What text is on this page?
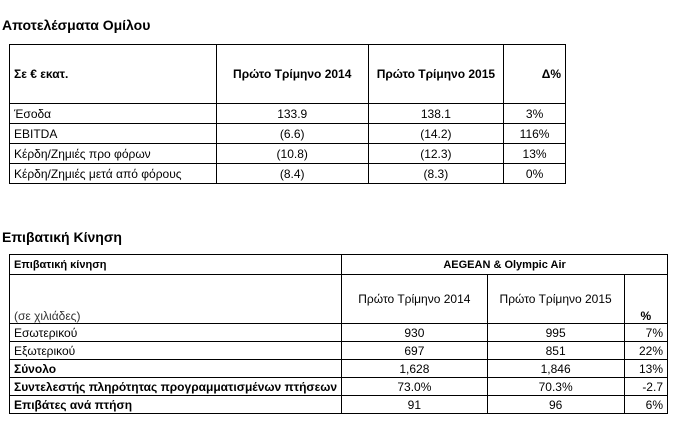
Αποτελέσματα Ομίλου
Σε € εκατ.	Πρώτο Τρίμηνο 2014	Πρώτο Τρίμηνο 2015	Δ%
Έσοδα	133.9	138.1	3%
EBITDA	(6.6)	(14.2)	116%
Κέρδη/Ζημιές προ φόρων	(10.8)	(12.3)	13%
Κέρδη/Ζημιές μετά από φόρους	(8.4)	(8.3)	0%
Επιβατική Κίνηση
Επιβατική κίνηση	AEGEAN & Olympic Air		
(σε χιλιάδες)	Πρώτο Τρίμηνο 2014	Πρώτο Τρίμηνο 2015	%
Εσωτερικού	930	995	7%
Εξωτερικού	697	851	22%
Σύνολο	1,628	1,846	13%
Συντελεστής πληρότητας προγραμματισμένων πτήσεων	73.0%	70.3%	-2.7
Επιβάτες ανά πτήση	91	96	6%
